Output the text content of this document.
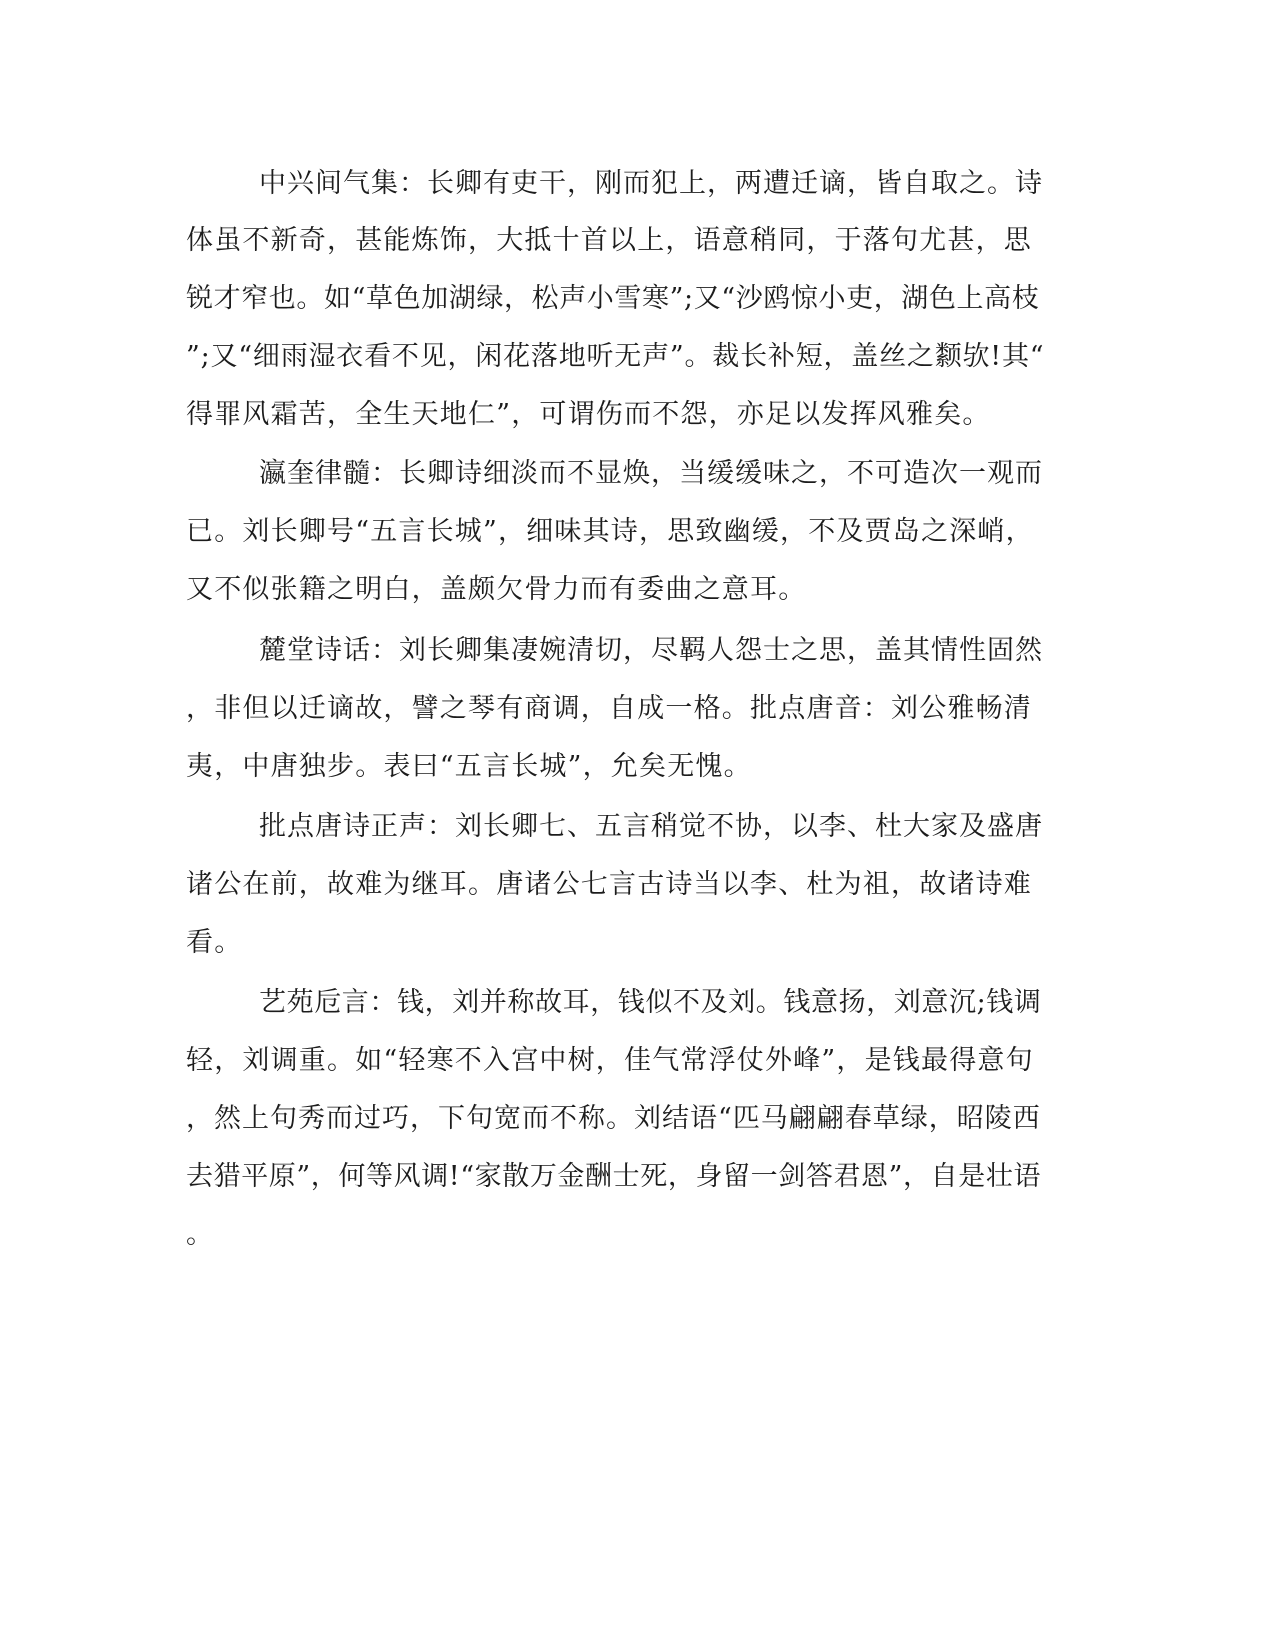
中兴间气集：长卿有吏干，刚而犯上，两遭迁谪，皆自取之。诗
体虽不新奇，甚能炼饰，大抵十首以上，语意稍同，于落句尤甚，思
锐才窄也。如“草色加湖绿，松声小雪寒”;又“沙鸥惊小吏，湖色上高枝
”;又“细雨湿衣看不见，闲花落地听无声”。裁长补短，盖丝之颣欤!其“
得罪风霜苦，全生天地仁”，可谓伤而不怨，亦足以发挥风雅矣。
瀛奎律髓：长卿诗细淡而不显焕，当缓缓味之，不可造次一观而
已。刘长卿号“五言长城”，细味其诗，思致幽缓，不及贾岛之深峭，
又不似张籍之明白，盖颇欠骨力而有委曲之意耳。
麓堂诗话：刘长卿集凄婉清切，尽羁人怨士之思，盖其情性固然
，非但以迁谪故，譬之琴有商调，自成一格。批点唐音：刘公雅畅清
夷，中唐独步。表曰“五言长城”，允矣无愧。
批点唐诗正声：刘长卿七、五言稍觉不协，以李、杜大家及盛唐
诸公在前，故难为继耳。唐诸公七言古诗当以李、杜为祖，故诸诗难
看。
艺苑卮言：钱，刘并称故耳，钱似不及刘。钱意扬，刘意沉;钱调
轻，刘调重。如“轻寒不入宫中树，佳气常浮仗外峰”，是钱最得意句
，然上句秀而过巧，下句宽而不称。刘结语“匹马翩翩春草绿，昭陵西
去猎平原”，何等风调!“家散万金酬士死，身留一剑答君恩”，自是壮语
。
